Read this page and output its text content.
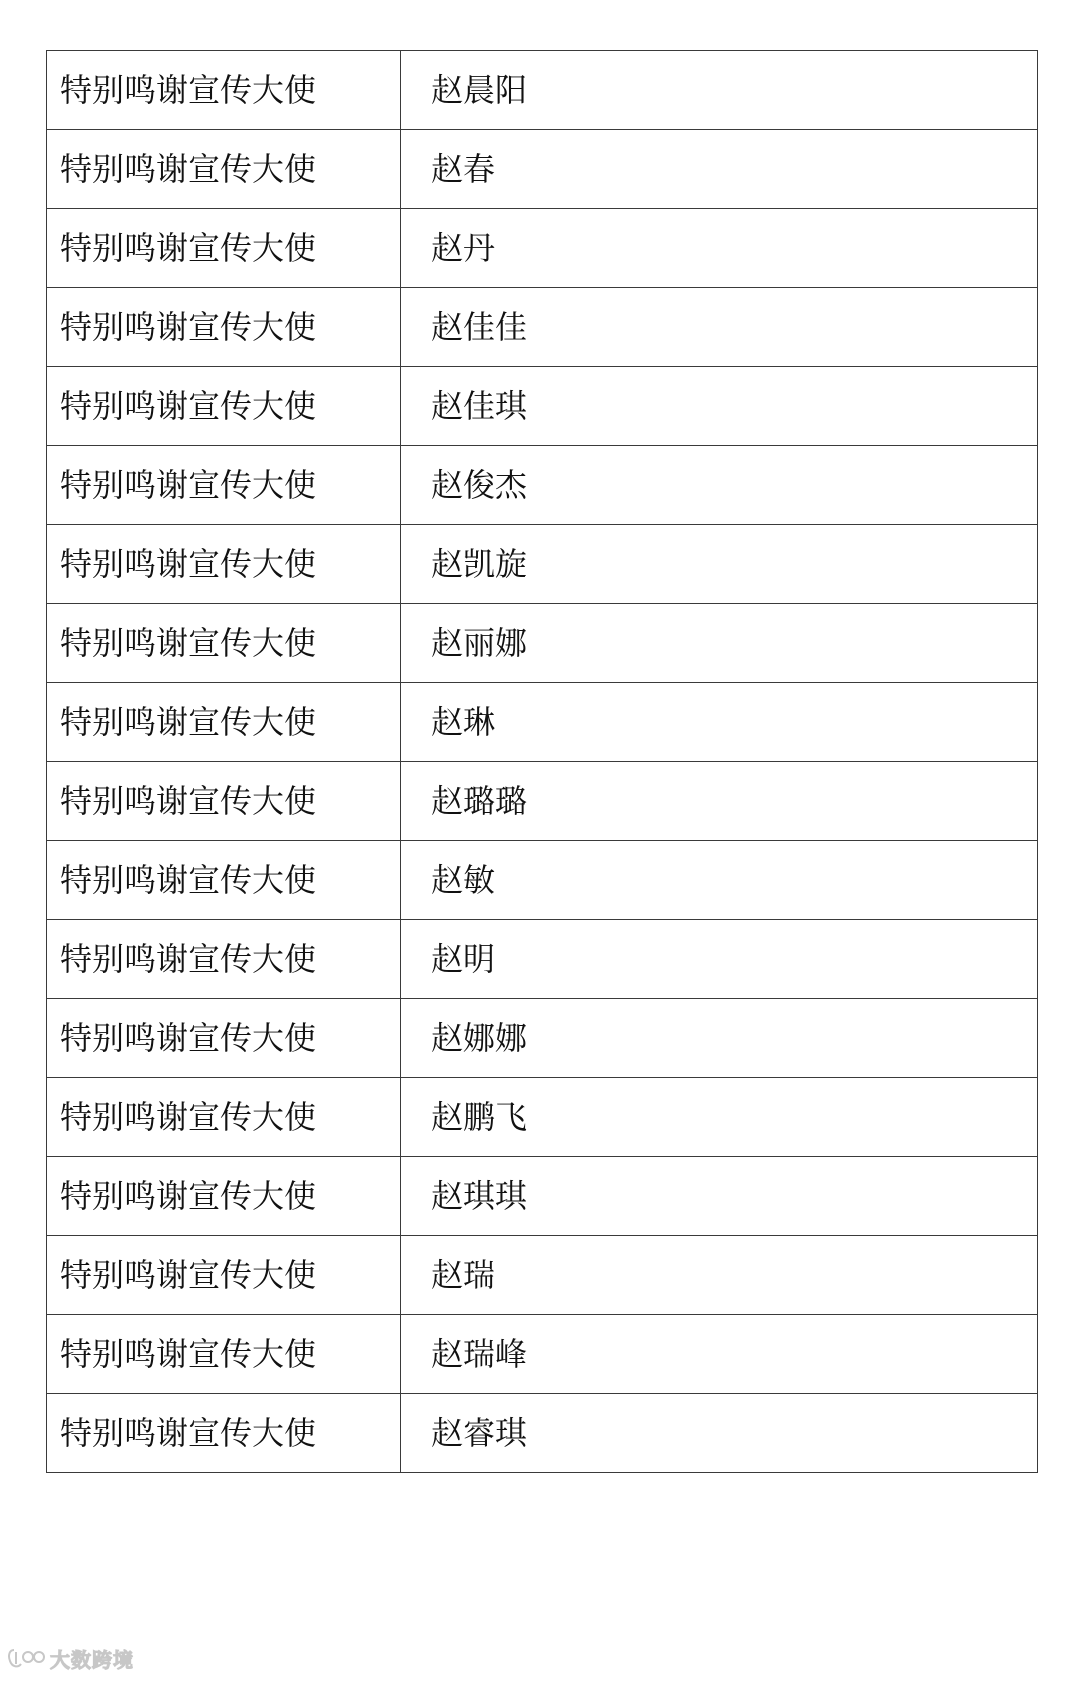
特别鸣谢宣传大使	赵晨阳
特别鸣谢宣传大使	赵春
特别鸣谢宣传大使	赵丹
特别鸣谢宣传大使	赵佳佳
特别鸣谢宣传大使	赵佳琪
特别鸣谢宣传大使	赵俊杰
特别鸣谢宣传大使	赵凯旋
特别鸣谢宣传大使	赵丽娜
特别鸣谢宣传大使	赵琳
特别鸣谢宣传大使	赵璐璐
特别鸣谢宣传大使	赵敏
特别鸣谢宣传大使	赵明
特别鸣谢宣传大使	赵娜娜
特别鸣谢宣传大使	赵鹏飞
特别鸣谢宣传大使	赵琪琪
特别鸣谢宣传大使	赵瑞
特别鸣谢宣传大使	赵瑞峰
特别鸣谢宣传大使	赵睿琪
大数跨境
